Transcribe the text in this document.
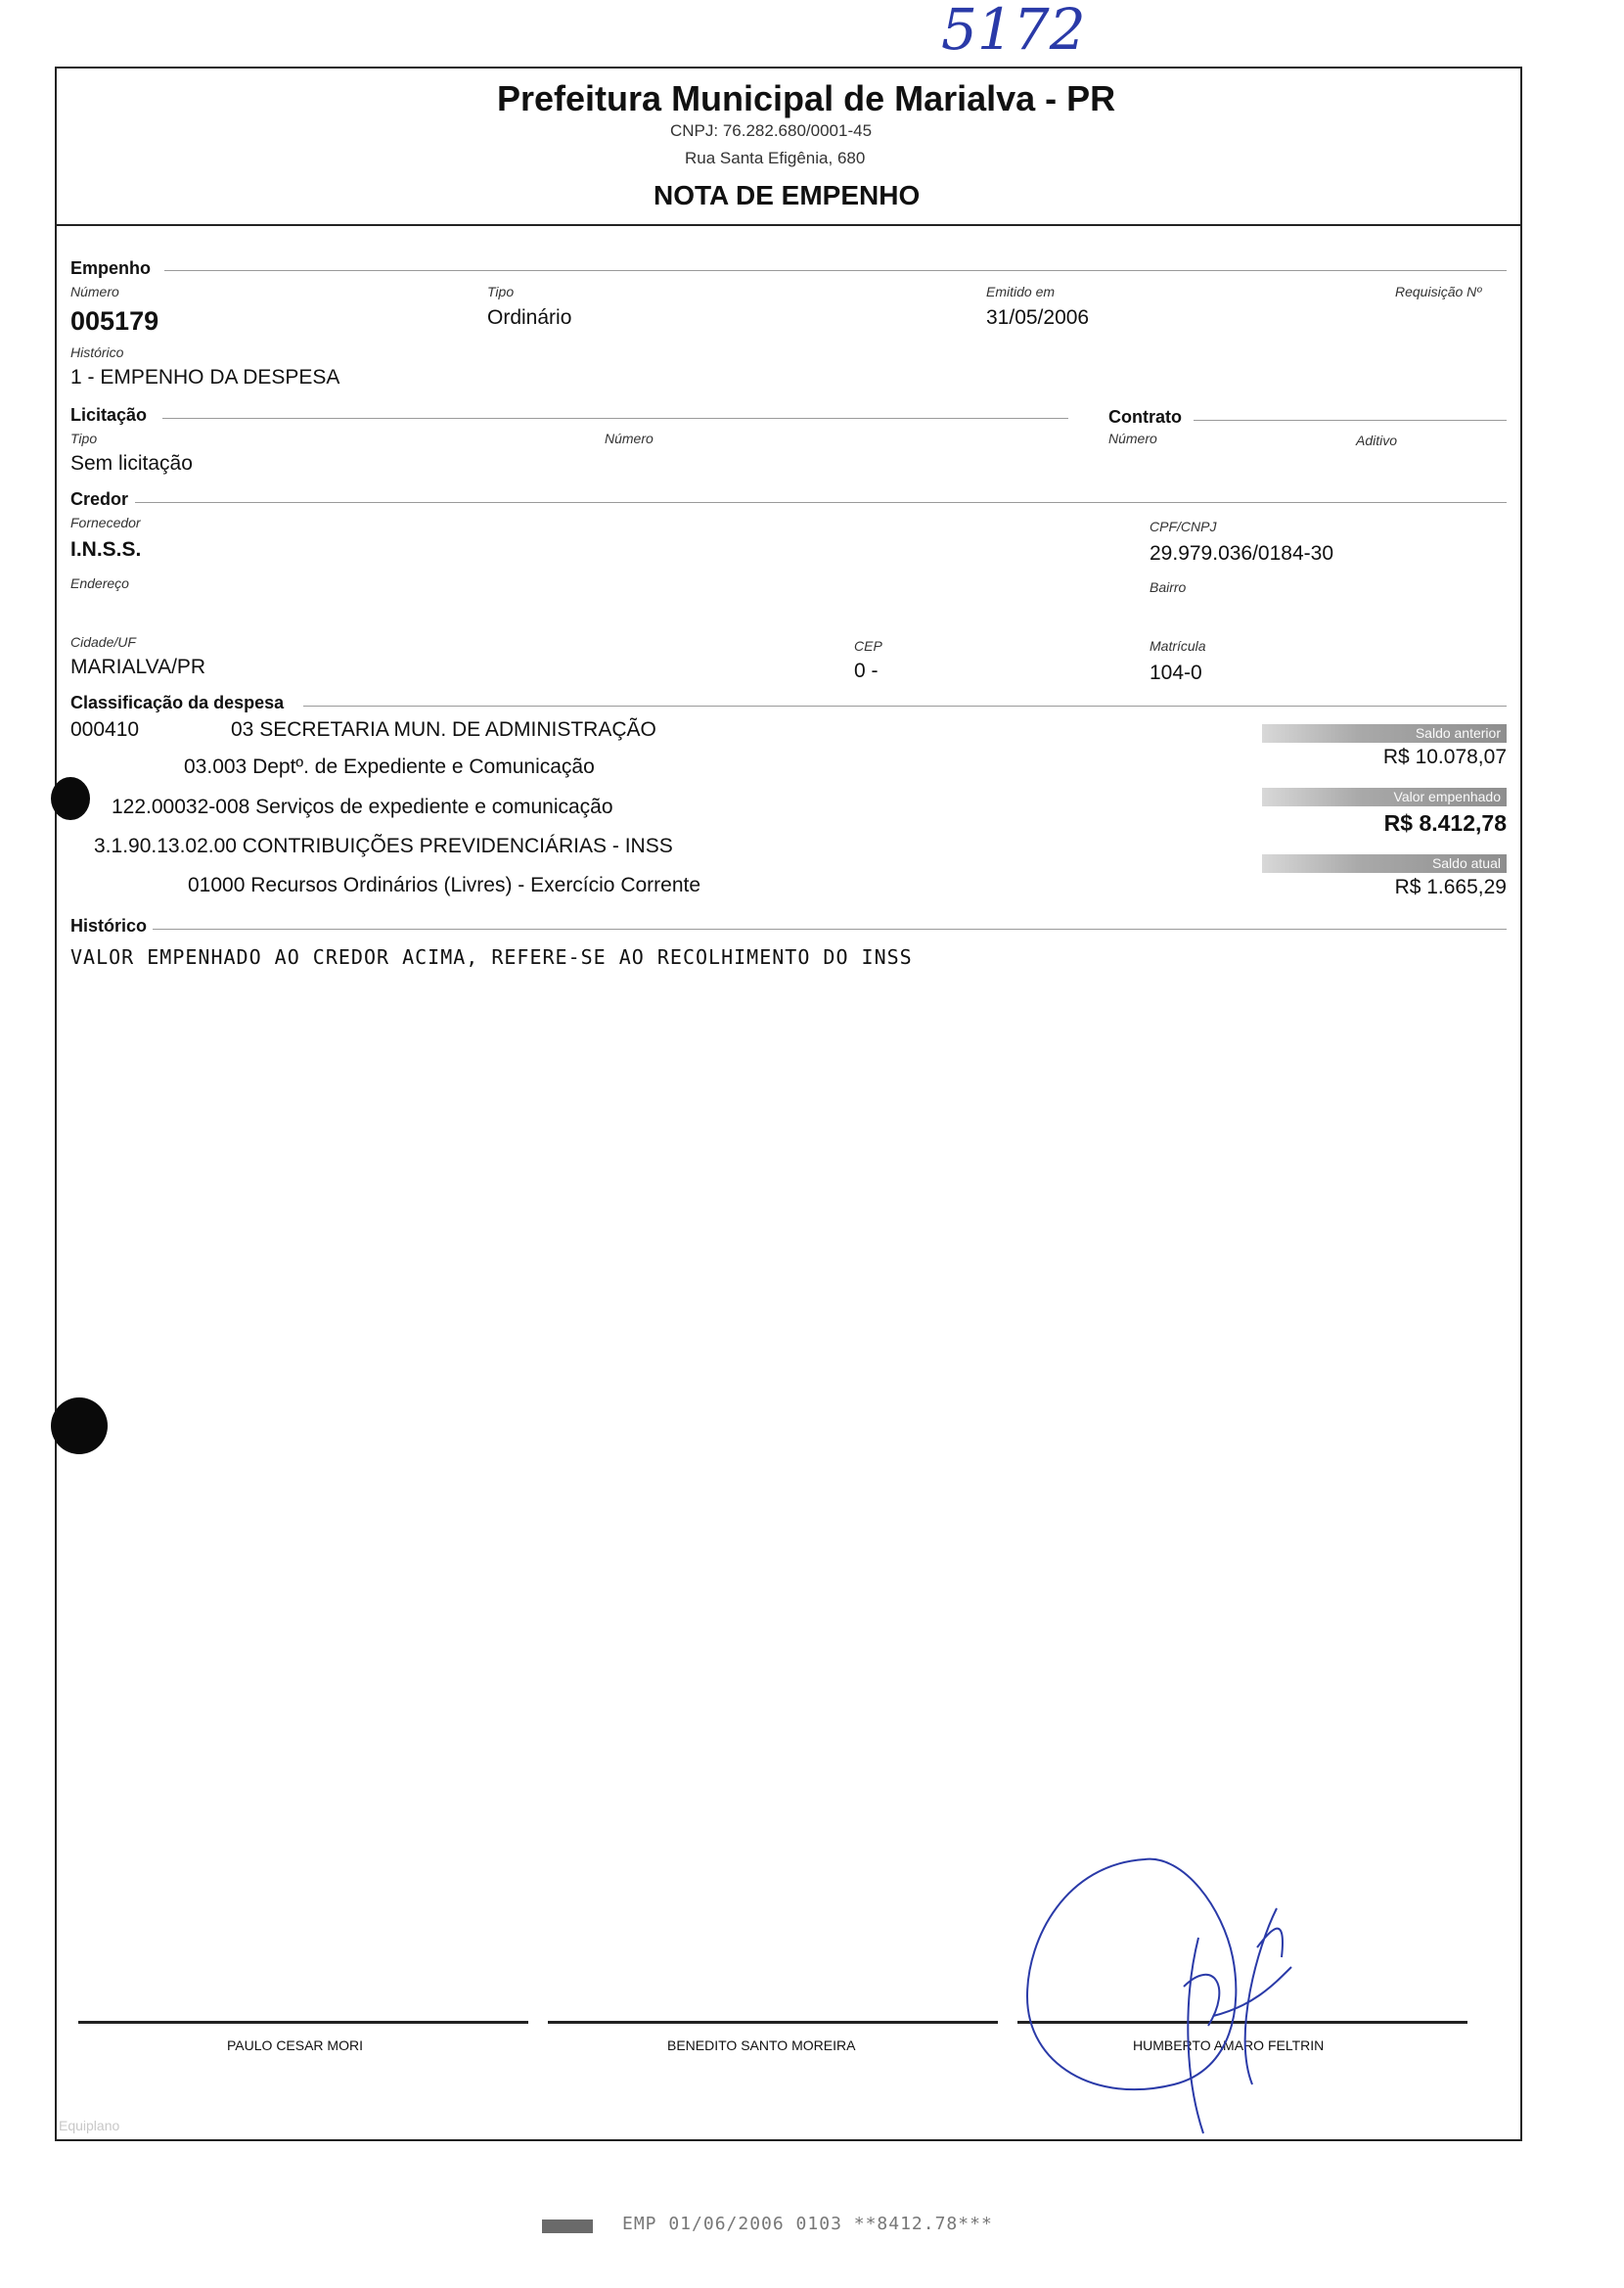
5172
Prefeitura Municipal de Marialva - PR
CNPJ: 76.282.680/0001-45
Rua Santa Efigênia, 680
NOTA DE EMPENHO
Empenho
Número
005179
Tipo
Ordinário
Emitido em
31/05/2006
Requisição Nº
Histórico
1 - EMPENHO DA DESPESA
Licitação
Tipo
Sem licitação
Número
Contrato
Número	Aditivo
Credor
Fornecedor
I.N.S.S.
CPF/CNPJ
29.979.036/0184-30
Endereço	Bairro
Cidade/UF
MARIALVA/PR
CEP
0 -
Matrícula
104-0
Classificação da despesa
000410	03 SECRETARIA MUN. DE ADMINISTRAÇÃO
03.003 Deptº. de Expediente e Comunicação
122.00032-008 Serviços de expediente e comunicação
3.1.90.13.02.00 CONTRIBUIÇÕES PREVIDENCIÁRIAS - INSS
01000 Recursos Ordinários (Livres) - Exercício Corrente
Saldo anterior
R$ 10.078,07
Valor empenhado
R$ 8.412,78
Saldo atual
R$ 1.665,29
Histórico
VALOR EMPENHADO AO CREDOR ACIMA, REFERE-SE AO RECOLHIMENTO DO INSS
PAULO CESAR MORI	BENEDITO SANTO MOREIRA	HUMBERTO AMARO FELTRIN
Equiplano
EMP 01/06/2006 0103 **8412.78***
